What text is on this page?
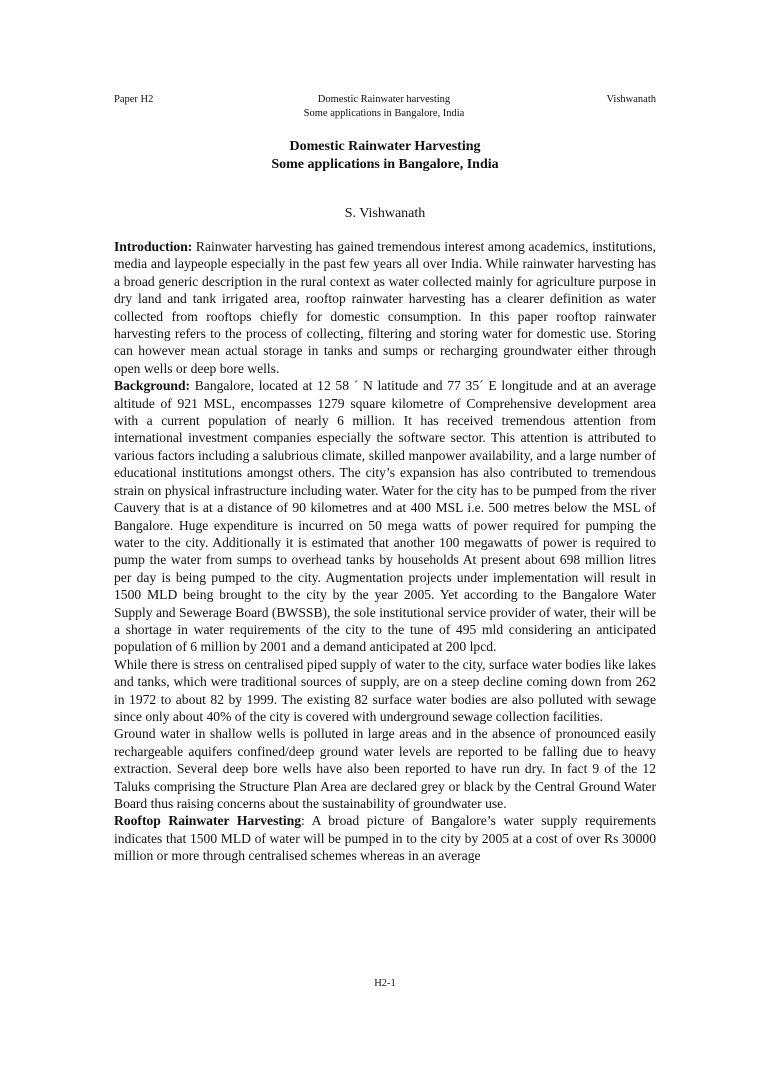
Paper H2	Domestic Rainwater harvesting
Some applications in Bangalore, India
Vishwanath
Domestic Rainwater Harvesting
Some applications in Bangalore, India
S. Vishwanath

Introduction: Rainwater harvesting has gained tremendous interest among academics, institutions, media and laypeople especially in the past few years all over India. While rainwater harvesting has a broad generic description in the rural context as water collected mainly for agriculture purpose in dry land and tank irrigated area, rooftop rainwater harvesting has a clearer definition as water collected from rooftops chiefly for domestic consumption. In this paper rooftop rainwater harvesting refers to the process of collecting, filtering and storing water for domestic use. Storing can however mean actual storage in tanks and sumps or recharging groundwater either through open wells or deep bore wells.

Background: Bangalore, located at 12 58 ´ N latitude and 77 35´ E longitude and at an average altitude of 921 MSL, encompasses 1279 square kilometre of Comprehensive development area with a current population of nearly 6 million. It has received tremendous attention from international investment companies especially the software sector. This attention is attributed to various factors including a salubrious climate, skilled manpower availability, and a large number of educational institutions amongst others. The city’s expansion has also contributed to tremendous strain on physical infrastructure including water. Water for the city has to be pumped from the river Cauvery that is at a distance of 90 kilometres and at 400 MSL i.e. 500 metres below the MSL of Bangalore. Huge expenditure is incurred on 50 mega watts of power required for pumping the water to the city. Additionally it is estimated that another 100 megawatts of power is required to pump the water from sumps to overhead tanks by households At present about 698 million litres per day is being pumped to the city. Augmentation projects under implementation will result in 1500 MLD being brought to the city by the year 2005. Yet according to the Bangalore Water Supply and Sewerage Board (BWSSB), the sole institutional service provider of water, their will be a shortage in water requirements of the city to the tune of 495 mld considering an anticipated population of 6 million by 2001 and a demand anticipated at 200 lpcd.

While there is stress on centralised piped supply of water to the city, surface water bodies like lakes and tanks, which were traditional sources of supply, are on a steep decline coming down from 262 in 1972 to about 82 by 1999. The existing 82 surface water bodies are also polluted with sewage since only about 40% of the city is covered with underground sewage collection facilities.

Ground water in shallow wells is polluted in large areas and in the absence of pronounced easily rechargeable aquifers confined/deep ground water levels are reported to be falling due to heavy extraction. Several deep bore wells have also been reported to have run dry. In fact 9 of the 12 Taluks comprising the Structure Plan Area are declared grey or black by the Central Ground Water Board thus raising concerns about the sustainability of groundwater use.

Rooftop Rainwater Harvesting: A broad picture of Bangalore’s water supply requirements indicates that 1500 MLD of water will be pumped in to the city by 2005 at a cost of over Rs 30000 million or more through centralised schemes whereas in an average

H2-1
